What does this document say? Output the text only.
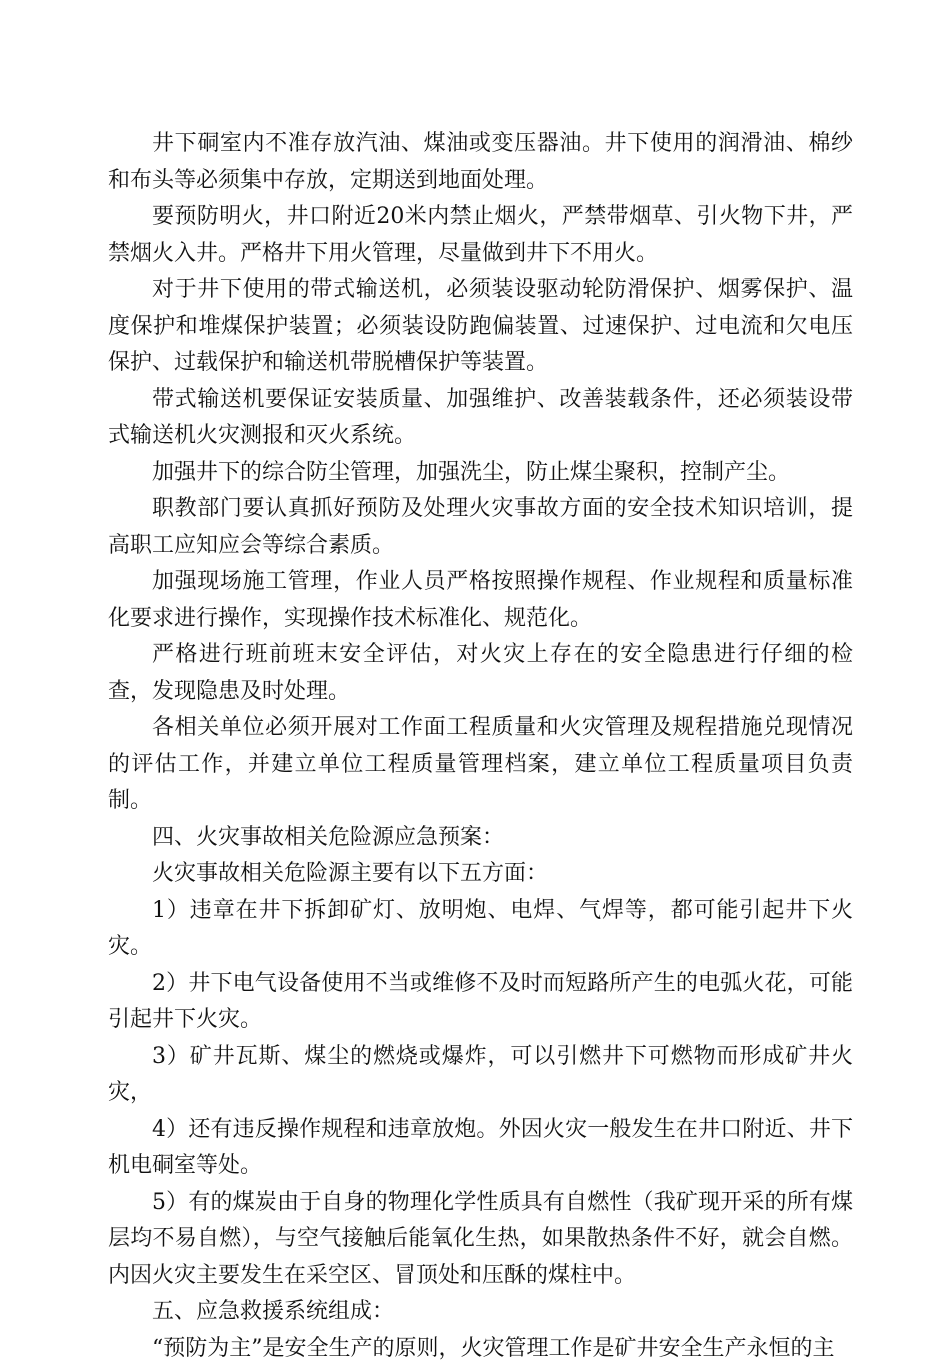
井下硐室内不准存放汽油、煤油或变压器油。井下使用的润滑油、棉纱和布头等必须集中存放，定期送到地面处理。

要预防明火，井口附近20米内禁止烟火，严禁带烟草、引火物下井，严禁烟火入井。严格井下用火管理，尽量做到井下不用火。

对于井下使用的带式输送机，必须装设驱动轮防滑保护、烟雾保护、温度保护和堆煤保护装置；必须装设防跑偏装置、过速保护、过电流和欠电压保护、过载保护和输送机带脱槽保护等装置。

带式输送机要保证安装质量、加强维护、改善装载条件，还必须装设带式输送机火灾测报和灭火系统。

加强井下的综合防尘管理，加强洗尘，防止煤尘聚积，控制产尘。

职教部门要认真抓好预防及处理火灾事故方面的安全技术知识培训，提高职工应知应会等综合素质。

加强现场施工管理，作业人员严格按照操作规程、作业规程和质量标准化要求进行操作，实现操作技术标准化、规范化。

严格进行班前班末安全评估，对火灾上存在的安全隐患进行仔细的检查，发现隐患及时处理。

各相关单位必须开展对工作面工程质量和火灾管理及规程措施兑现情况的评估工作，并建立单位工程质量管理档案，建立单位工程质量项目负责制。

四、火灾事故相关危险源应急预案：

火灾事故相关危险源主要有以下五方面：

1）违章在井下拆卸矿灯、放明炮、电焊、气焊等，都可能引起井下火灾。

2）井下电气设备使用不当或维修不及时而短路所产生的电弧火花，可能引起井下火灾。

3）矿井瓦斯、煤尘的燃烧或爆炸，可以引燃井下可燃物而形成矿井火灾，

4）还有违反操作规程和违章放炮。外因火灾一般发生在井口附近、井下机电硐室等处。

5）有的煤炭由于自身的物理化学性质具有自燃性（我矿现开采的所有煤层均不易自燃），与空气接触后能氧化生热，如果散热条件不好，就会自燃。内因火灾主要发生在采空区、冒顶处和压酥的煤柱中。

五、应急救援系统组成：

“预防为主”是安全生产的原则，火灾管理工作是矿井安全生产永恒的主
